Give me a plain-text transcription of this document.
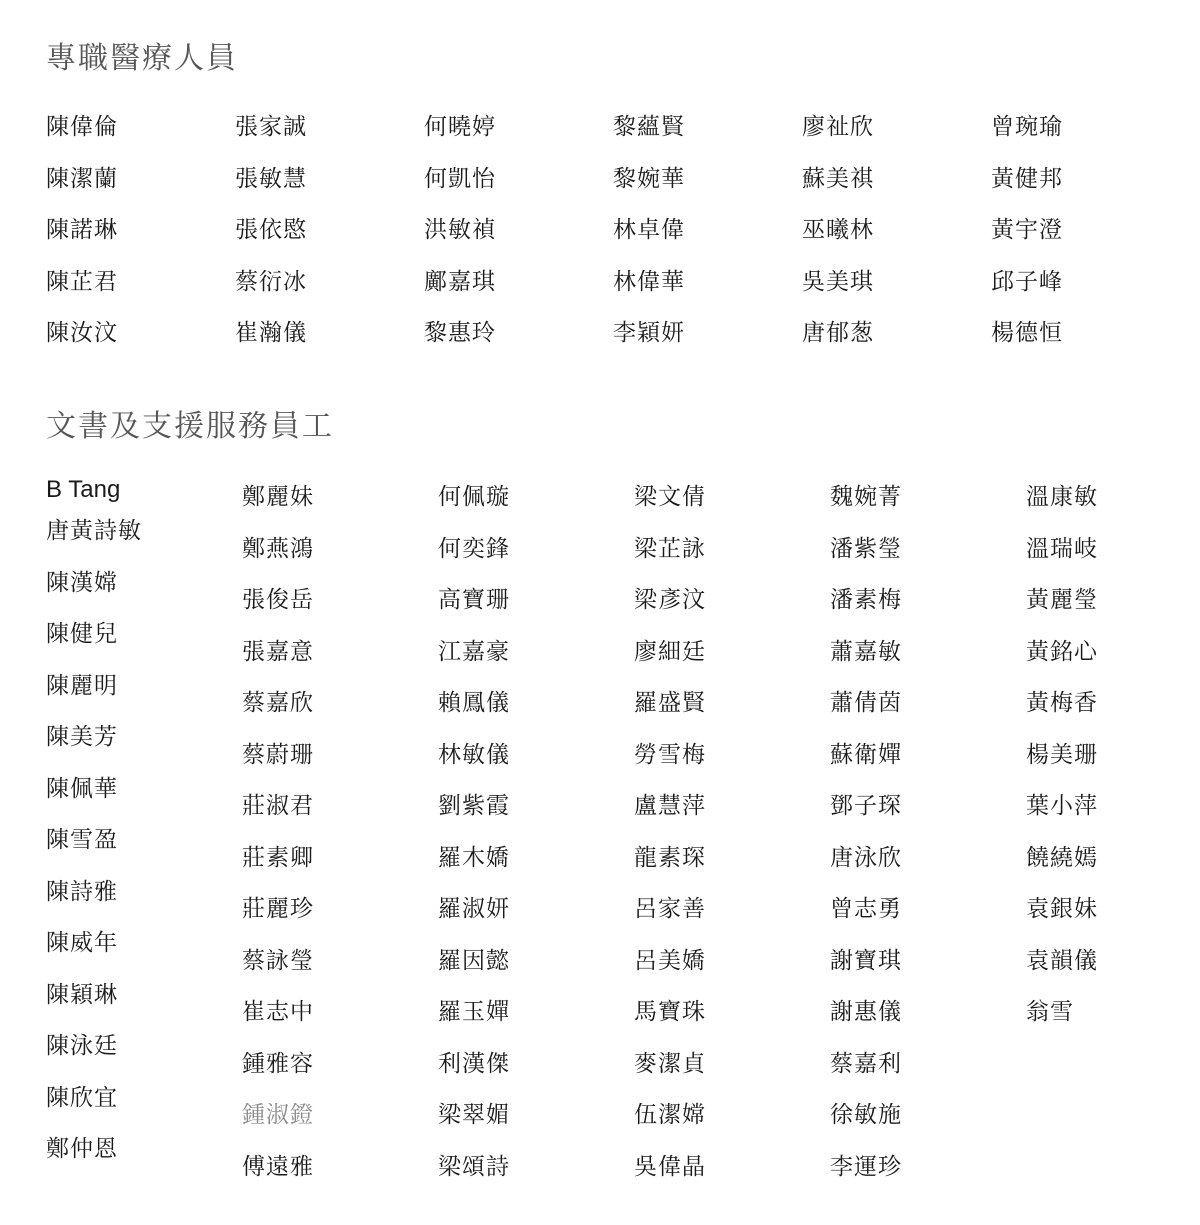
專職醫療人員
陳偉倫
陳潔蘭
陳諾琳
陳芷君
陳汝汶
張家誠
張敏慧
張依愍
蔡衍冰
崔瀚儀
何曉婷
何凱怡
洪敏禎
鄺嘉琪
黎惠玲
黎蘊賢
黎婉華
林卓偉
林偉華
李穎妍
廖祉欣
蘇美祺
巫曦林
吳美琪
唐郁葱
曾琬瑜
黃健邦
黃宇澄
邱子峰
楊德恒
文書及支援服務員工
B Tang
唐黃詩敏
陳漢嫦
陳健兒
陳麗明
陳美芳
陳佩華
陳雪盈
陳詩雅
陳威年
陳穎琳
陳泳廷
陳欣宜
鄭仲恩
鄭麗妹
鄭燕鴻
張俊岳
張嘉意
蔡嘉欣
蔡蔚珊
莊淑君
莊素卿
莊麗珍
蔡詠瑩
崔志中
鍾雅容
鍾淑鐙
傅遠雅
何佩璇
何奕鋒
高寶珊
江嘉豪
賴鳳儀
林敏儀
劉紫霞
羅木嬌
羅淑妍
羅因懿
羅玉嬋
利漢傑
梁翠媚
梁頌詩
梁文倩
梁芷詠
梁彥汶
廖細廷
羅盛賢
勞雪梅
盧慧萍
龍素琛
呂家善
呂美嬌
馬寶珠
麥潔貞
伍潔嫦
吳偉晶
魏婉菁
潘紫瑩
潘素梅
蕭嘉敏
蕭倩茵
蘇衛嬋
鄧子琛
唐泳欣
曾志勇
謝寶琪
謝惠儀
蔡嘉利
徐敏施
李運珍
溫康敏
溫瑞岐
黃麗瑩
黃銘心
黃梅香
楊美珊
葉小萍
饒繞嫣
袁銀妹
袁韻儀
翁雪
